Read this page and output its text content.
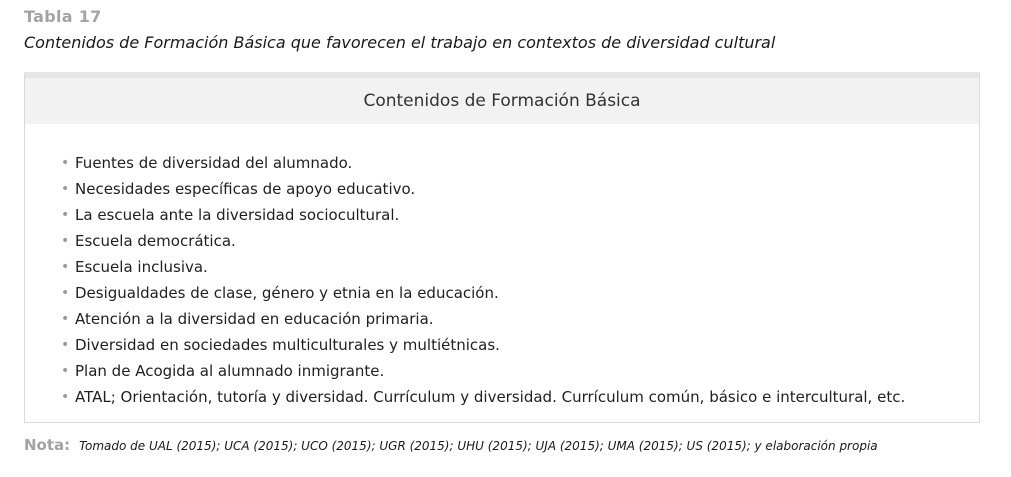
Tabla 17
Contenidos de Formación Básica que favorecen el trabajo en contextos de diversidad cultural
Contenidos de Formación Básica
• Fuentes de diversidad del alumnado.
• Necesidades específicas de apoyo educativo.
• La escuela ante la diversidad sociocultural.
• Escuela democrática.
• Escuela inclusiva.
• Desigualdades de clase, género y etnia en la educación.
• Atención a la diversidad en educación primaria.
• Diversidad en sociedades multiculturales y multiétnicas.
• Plan de Acogida al alumnado inmigrante.
• ATAL; Orientación, tutoría y diversidad. Currículum y diversidad. Currículum común, básico e intercultural, etc.
Nota: Tomado de UAL (2015); UCA (2015); UCO (2015); UGR (2015); UHU (2015); UJA (2015); UMA (2015); US (2015); y elaboración propia
